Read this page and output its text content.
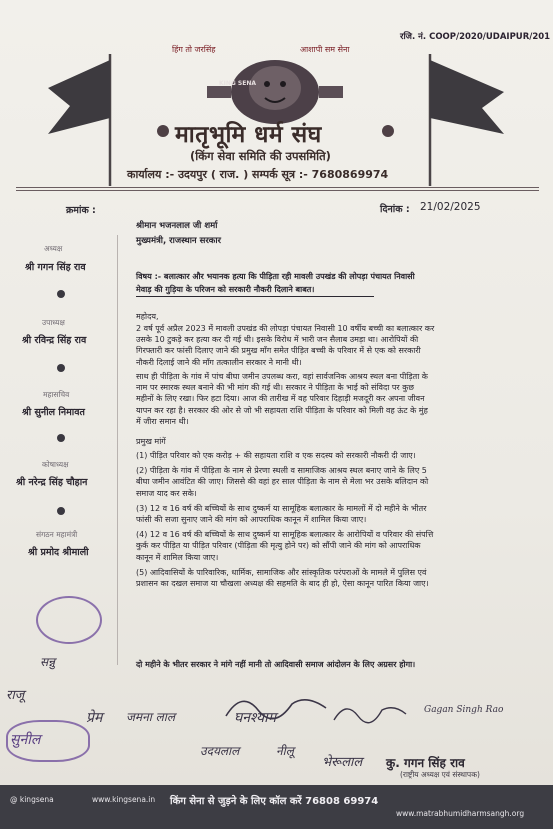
हिंग तो जरसिंह	आशापी सम सेना
रजि. नं. COOP/2020/UDAIPUR/201
KING SENA
मातृभूमि धर्म संघ
(किंग सेवा समिति की उपसमिति)
कार्यालय :- उदयपुर ( राज. ) सम्पर्क सूत्र :- 7680869974
क्रमांक :	दिनांक : 21/02/2025
अध्यक्ष
श्री गगन सिंह राव
उपाध्यक्ष
श्री रविन्द्र सिंह राव
महासचिव
श्री सुनील निमावत
कोषाध्यक्ष
श्री नरेन्द्र सिंह चौहान
संगठन महामंत्री
श्री प्रमोद श्रीमाली
श्रीमान भजनलाल जी शर्मा
मुख्यमंत्री, राजस्थान सरकार
विषय :- बलात्कार और भयानक हत्या कि पीड़िता रही मावली उपखंड की लोपड़ा पंचायत निवासी
मेवाड़ की गुड़िया के परिजन को सरकारी नौकरी दिलाने बाबत।
महोदय,
2 वर्ष पूर्व अप्रैल 2023 में मावली उपखंड की लोपड़ा पंचायत निवासी 10 वर्षीय बच्ची का बलात्कार कर
उसके 10 टुकड़े कर हत्या कर दी गई थी। इसके विरोध में भारी जन सैलाब उमड़ा था। आरोपियों की
गिरफ्तारी कर फांसी दिलाए जाने की प्रमुख माँग समेत पीड़ित बच्ची के परिवार में से एक को सरकारी
नौकरी दिलाई जाने की माँग तत्कालीन सरकार ने मानी थी।
साथ ही पीड़िता के गांव में पांच बीघा जमीन उपलब्ध करा, वहां सार्वजनिक आश्रय स्थल बना पीड़िता के
नाम पर स्मारक स्थल बनाने की भी मांग की गई थी। सरकार ने पीड़िता के भाई को संविदा पर कुछ
महीनों के लिए रखा। फिर हटा दिया। आज की तारीख में वह परिवार दिहाड़ी मजदूरी कर अपना जीवन
यापन कर रहा है। सरकार की ओर से जो भी सहायता राशि पीड़िता के परिवार को मिली वह ऊंट के मुंह
में जीरा समान थी।
प्रमुख मांगें
(1) पीड़ित परिवार को एक करोड़ + की सहायता राशि व एक सदस्य को सरकारी नौकरी दी जाए।
(2) पीड़िता के गांव में पीड़िता के नाम से प्रेरणा स्थली व सामाजिक आश्रय स्थल बनाए जाने के लिए 5
बीघा जमीन आवंटित की जाए। जिससे की वहां हर साल पीड़िता के नाम से मेला भर उसके बलिदान को
समाज याद कर सके।
(3) 12 व 16 वर्ष की बच्चियों के साथ दुष्कर्म या सामूहिक बलात्कार के मामलों में दो महीने के भीतर
फांसी की सजा सुनाए जाने की मांग को आपराधिक कानून में शामिल किया जाए।
(4) 12 व 16 वर्ष की बच्चियों के साथ दुष्कर्म या सामूहिक बलात्कार के आरोपियों व परिवार की संपत्ति
कुर्क कर पीड़ित या पीड़ित परिवार (पीड़िता की मृत्यु होने पर) को सौंपी जाने की मांग को आपराधिक
कानून में शामिल किया जाए।
(5) आदिवासियों के पारिवारिक, धार्मिक, सामाजिक और सांस्कृतिक परंपराओं के मामले में पुलिस एवं
प्रशासन का दखल समाज या चौखला अध्यक्ष की सहमति के बाद ही हो, ऐसा कानून पारित किया जाए।
दो महीने के भीतर सरकार ने मांगे नहीं मानी तो आदिवासी समाज आंदोलन के लिए अग्रसर होगा।
राजू
प्रेम जमना लाल
सुनील
घनश्याम
उदयलाल	नीलू
भेरूलाल
Gagan Singh Rao
सन्नु
कु. गगन सिंह राव
(राष्ट्रीय अध्यक्ष एवं संस्थापक)
@ kingsena	www.kingsena.in किंग सेना से जुड़ने के लिए कॉल करें 76808 69974
www.matrabhumidharmsangh.org
